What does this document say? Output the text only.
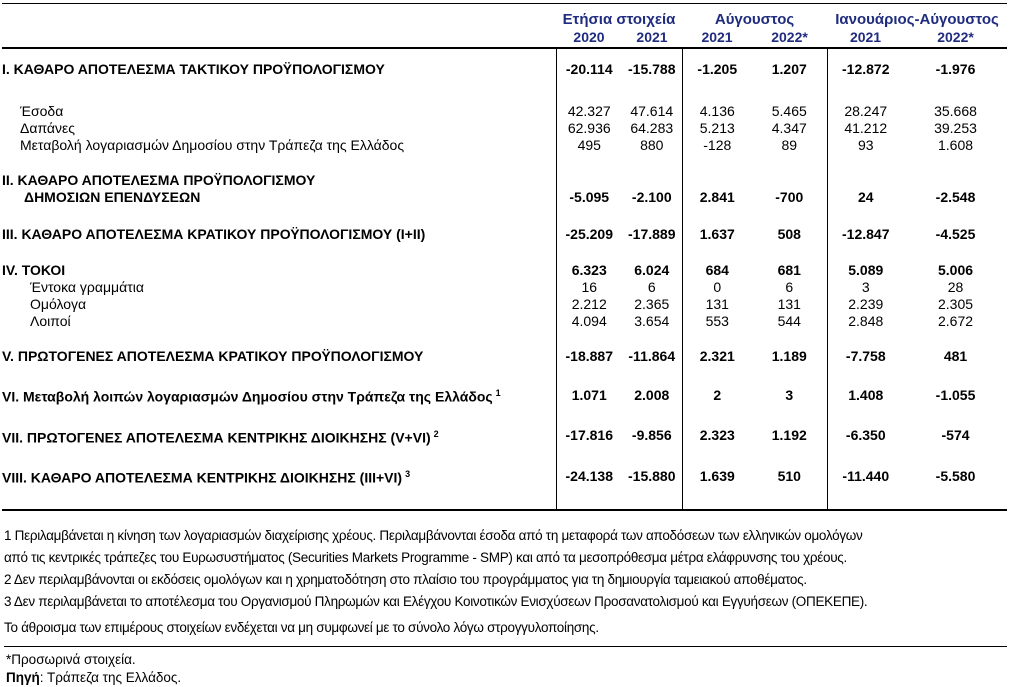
	Ετήσια στοιχεία		Αύγουστος		Ιανουάριος-Αύγουστος	
	2020	2021	2021	2022*	2021	2022*

I. ΚΑΘΑΡΟ ΑΠΟΤΕΛΕΣΜΑ ΤΑΚΤΙΚΟΥ ΠΡΟΫΠΟΛΟΓΙΣΜΟΥ	-20.114	-15.788	-1.205	1.207	-12.872	-1.976

Έσοδα	42.327	47.614	4.136	5.465	28.247	35.668
Δαπάνες	62.936	64.283	5.213	4.347	41.212	39.253
Μεταβολή λογαριασμών Δημοσίου στην Τράπεζα της Ελλάδος	495	880	-128	89	93	1.608

II. ΚΑΘΑΡΟ ΑΠΟΤΕΛΕΣΜΑ ΠΡΟΫΠΟΛΟΓΙΣΜΟΥ						
ΔΗΜΟΣΙΩΝ ΕΠΕΝΔΥΣΕΩΝ	-5.095	-2.100	2.841	-700	24	-2.548

III. ΚΑΘΑΡΟ ΑΠΟΤΕΛΕΣΜΑ ΚΡΑΤΙΚΟΥ ΠΡΟΫΠΟΛΟΓΙΣΜΟΥ (I+II)	-25.209	-17.889	1.637	508	-12.847	-4.525

IV. ΤΟΚΟΙ	6.323	6.024	684	681	5.089	5.006
Έντοκα γραμμάτια	16	6	0	6	3	28
Ομόλογα	2.212	2.365	131	131	2.239	2.305
Λοιποί	4.094	3.654	553	544	2.848	2.672

V. ΠΡΩΤΟΓΕΝΕΣ ΑΠΟΤΕΛΕΣΜΑ ΚΡΑΤΙΚΟΥ ΠΡΟΫΠΟΛΟΓΙΣΜΟΥ	-18.887	-11.864	2.321	1.189	-7.758	481

VI. Μεταβολή λοιπών λογαριασμών Δημοσίου στην Τράπεζα της Ελλάδος $^1$	1.071	2.008	2	3	1.408	-1.055

VII. ΠΡΩΤΟΓΕΝΕΣ ΑΠΟΤΕΛΕΣΜΑ ΚΕΝΤΡΙΚΗΣ ΔΙΟΙΚΗΣΗΣ (V+VI) $^2$	-17.816	-9.856	2.323	1.192	-6.350	-574

VIII. ΚΑΘΑΡΟ ΑΠΟΤΕΛΕΣΜΑ ΚΕΝΤΡΙΚΗΣ ΔΙΟΙΚΗΣΗΣ (III+VI) $^3$	-24.138	-15.880	1.639	510	-11.440	-5.580

1 Περιλαμβάνεται η κίνηση των λογαριασμών διαχείρισης χρέους. Περιλαμβάνονται έσοδα από τη μεταφορά των αποδόσεων των ελληνικών ομολόγων
από τις κεντρικές τράπεζες του Ευρωσυστήματος (Securities Markets Programme - SMP) και από τα μεσοπρόθεσμα μέτρα ελάφρυνσης του χρέους.
2 Δεν περιλαμβάνονται οι εκδόσεις ομολόγων και η χρηματοδότηση στο πλαίσιο του προγράμματος για τη δημιουργία ταμειακού αποθέματος.
3 Δεν περιλαμβάνεται το αποτέλεσμα του Οργανισμού Πληρωμών και Ελέγχου Κοινοτικών Ενισχύσεων Προσανατολισμού και Εγγυήσεων (ΟΠΕΚΕΠΕ).
Το άθροισμα των επιμέρους στοιχείων ενδέχεται να μη συμφωνεί με το σύνολο λόγω στρογγυλοποίησης.
*Προσωρινά στοιχεία.
Πηγή: Τράπεζα της Ελλάδος.
